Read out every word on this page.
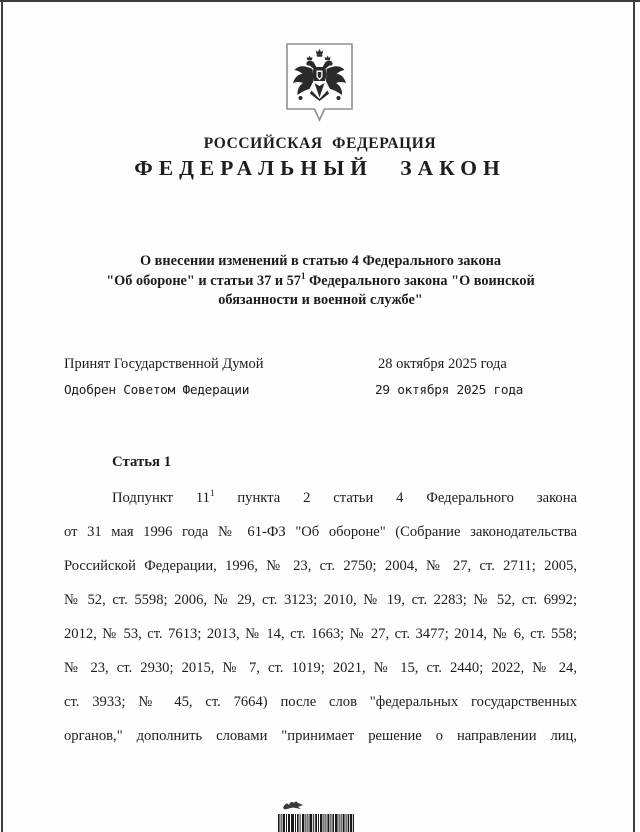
РОССИЙСКАЯ ФЕДЕРАЦИЯ
ФЕДЕРАЛЬНЫЙ ЗАКОН
О внесении изменений в статью 4 Федерального закона
"Об обороне" и статьи 37 и $57^1$ Федерального закона "О воинской
обязанности и военной службе"
Принят Государственной Думой	28 октября 2025 года
Одобрен Советом Федерации	29 октября 2025 года
Статья 1
Подпункт $11^1$ пункта 2 статьи 4 Федерального закона
от 31 мая 1996 года № 61-ФЗ "Об обороне" (Собрание законодательства
Российской Федерации, 1996, № 23, ст. 2750; 2004, № 27, ст. 2711; 2005,
№ 52, ст. 5598; 2006, № 29, ст. 3123; 2010, № 19, ст. 2283; № 52, ст. 6992;
2012, № 53, ст. 7613; 2013, № 14, ст. 1663; № 27, ст. 3477; 2014, № 6, ст. 558;
№ 23, ст. 2930; 2015, № 7, ст. 1019; 2021, № 15, ст. 2440; 2022, № 24,
ст. 3933; № 45, ст. 7664) после слов "федеральных государственных
органов," дополнить словами "принимает решение о направлении лиц,
